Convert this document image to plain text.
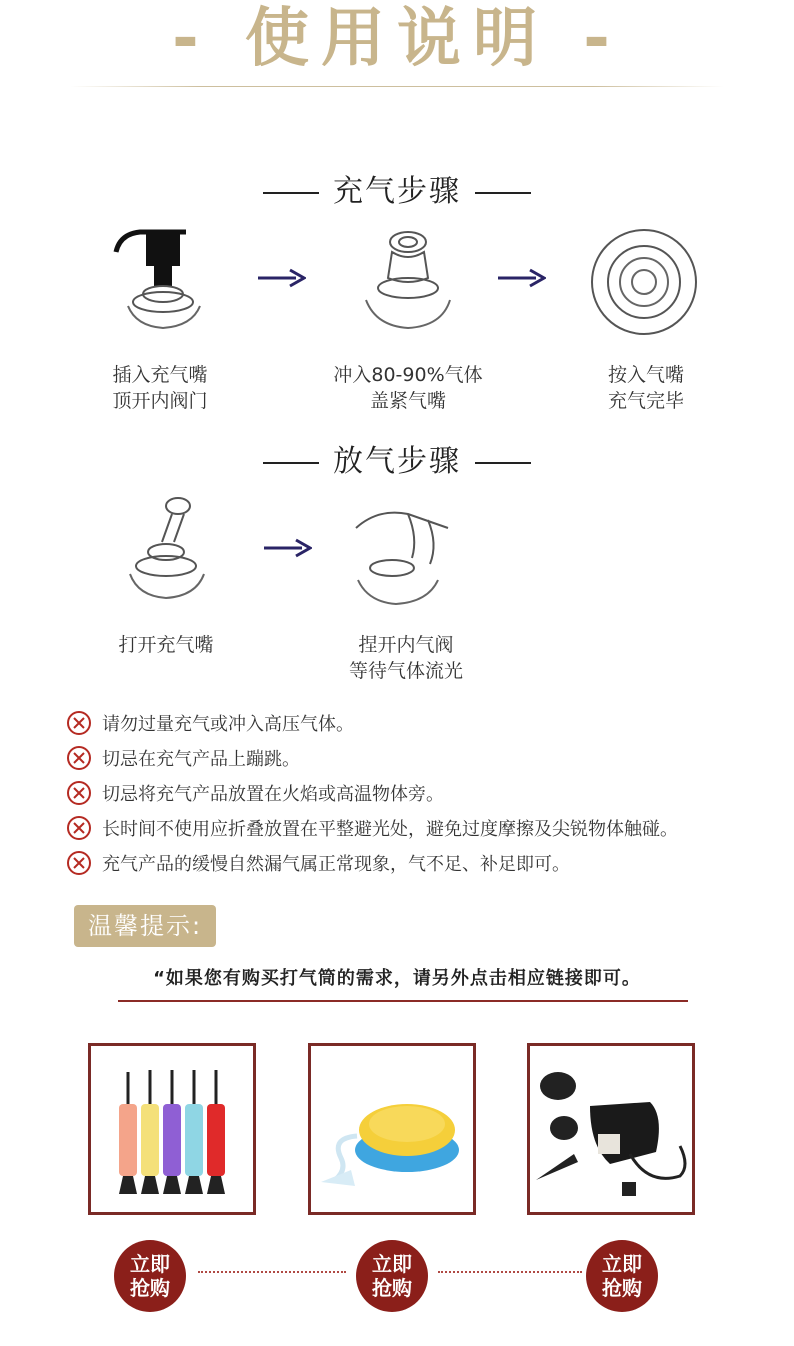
- 使用说明 -
充气步骤
插入充气嘴
顶开内阀门
冲入80-90%气体
盖紧气嘴
按入气嘴
充气完毕
放气步骤
打开充气嘴	捏开内气阀
等待气体流光
请勿过量充气或冲入高压气体。
切忌在充气产品上蹦跳。
切忌将充气产品放置在火焰或高温物体旁。
长时间不使用应折叠放置在平整避光处，避免过度摩擦及尖锐物体触碰。
充气产品的缓慢自然漏气属正常现象，气不足、补足即可。
温馨提示:
“如果您有购买打气筒的需求，请另外点击相应链接即可。
立即抢购
立即抢购
立即抢购
